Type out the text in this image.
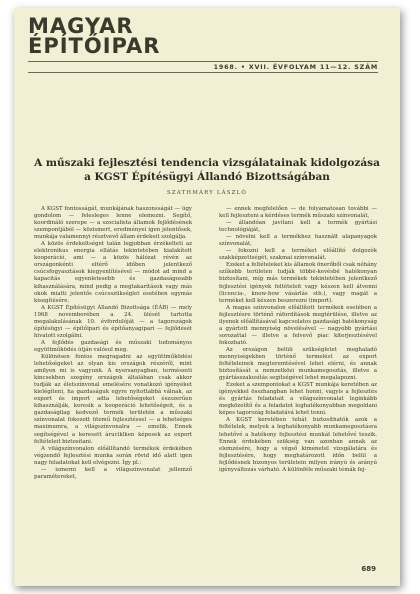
MAGYAR
ÉPÍTŐIPAR
1968. • XVII. ÉVFOLYAM 11—12. SZÁM
A műszaki fejlesztési tendencia vizsgálatainak kidolgozása
a KGST Építésügyi Állandó Bizottságában
SZATHMÁRY LÁSZLÓ

A KGST fontosságát, munkájának haszonsságát — ügy gondolom — felesleges lenne elemezni. Segítő, koordináló szerepe — a szocialista államok fejlődésének szempontjából — közismert, eredményei igen jelentősek, munkája valamennyi résztvevő állam érdekeit szolgálja.

A közös érdekeltséget talán legjobban érzékelteti az elektronikus energia ellátás tekintetében kialakított kooperáció, ami — a közös hálózat révén az országonkénti eltérő időben jelentkező csúcsfogyasztások kiegyenlítésével — módot ad mind a kapacitás egyenletesebb és gazdaságosabb kihasználására, mind pedig a megtakarítások vagy más okok miatti jelentős csúcsszükséglet esetében egymás kisegítésére.

A KGST Építésügyi Állandó Bizottsága (ÉÁB) — mely 1968 novemberében a 24. ülését tartotta megalakulásának 10. évfordulóját — a tagországok építésügyi — építőipari és építőanyagipari — fejlődését hivatott szolgálni.

A fejlődés gazdasági és műszaki tudományos együttműködés útján valósul meg.

Különösen fontos megragadni az együttműködési lehetőségeket az olyan kis országok részéről, mint amilyen mi is vagyunk. A nyersanyagban, természeti kincsekben szegény országok általában csak akkor tudják az életszínvonal emelésére vonatkozó igényeket kielégíteni, ha gazdaságuk egyre nyitottabbá válnak, az export és import adta lehetőségeket észszerűen kihasználják, keresik a kooperáció lehetőségeit, és a gazdaságilag kedvező termék területén a műszaki színvonalat fokozott ütemű fejlesztéssel — a lehetséges maximumra, a világszínvonalra — emelik. Ennek segítségével a keresett áruciklken képesek az export feltételeit biztosítani.

A világszínvonalon előállítandó termékek érdekében végzendő fejlesztési munka során rövid idő alatt igen nagy feladatokat kell elvégezni. Így pl.:

— ismerni kell a világszínvonalat jellemző paramétereket,

— ennek megfelelően — de folyamatosan további — kell fejleszteni a kérdéses termék műszaki színvonalát,

— állandóan javítani kell a termék gyártási technológiáját,

— növelni kell a termékhez használt alapanyagok színvonalát,

— fokozni kell a terméket előállító dolgozók szakképzettségét, szakmai színvonalát.

Ezeket a feltételeket kis államok önerőből csak néhány szűkebb területen tudják többé-kevésbé hatékonyan biztosítani, míg más termékek tekintetében jelentkező fejlesztési igények feltételeit vagy készen kell átvenni (licencia-, know-how vásárlás stb.), vagy magát a terméket kell készen beszerezni (import).

A magas színvonalon előállított termékek esetében a fejlesztésre történő ráfordítások megtérülése, illetve az ilyenek előállításával kapcsolatos gazdasági hatékonyság a gyártott mennyiség növelésével — nagyobb gyártási sorozattal — illetve a felvevő piac kiterjesztésével fokozható.

Az országon belüli szükségletet meghaladó mennyiségekben történő termelést az export feltételeinek megteremtésével lehet elérni, és annak biztosítását a nemzetközi munkamegosztás, illetve a gyártásszakosítás segítségével lehet megalapozni.

Ezeket a szempontokat a KGST munkája keretében az igényekkel összhangban lehet honni, vagyis a fejlesztés és gyártás feladatait a világszínvonalat leginkább megközelítő és a feladatot leghatékonyabban megoldani képes tagország feladatává lehet tenni.

A KGST keretében tehát biztosíthatók azok a feltételek, melyek a leghatékonyabb munkamegosztásra lehetővé a hatékony fejlesztési munkát lehetővé teszik. Ennek érdekében szükség van azonban annak az elemzésére, hogy a végső kimenetel vizsgálatára és fejlesztésére, hogy meghatározott időn belül a fejlődésnek bizonyos területein milyen irányú és arányú igényváltozás várható. A különféle műszaki témák fej-

689
